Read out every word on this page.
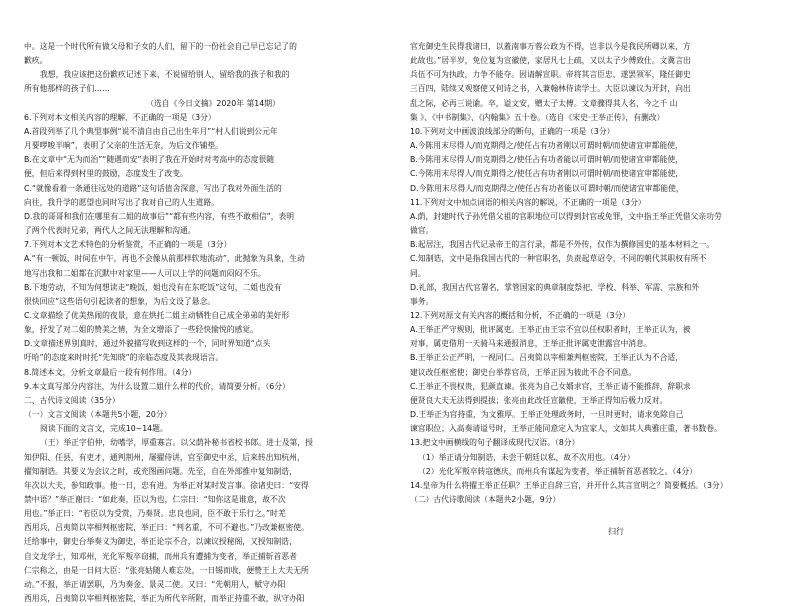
中。这是一个时代所有做父母和子女的人们，留下的一份社会自己早已忘记了的
歉疚。
我想，我应该把这份歉疚记述下来，不说留给别人，留给我的孩子和我的
所有他那样的孩子们……
（选自《今日文摘》2020年 第14期）
6.下列对本文相关内容的理解，不正确的一项是（3分）
A.首段列举了几个典型事例“说不清自由自己出生年月”“村人们说到公元年
月要啰唆半晌”，表明了父亲的生活无奈，为后文作铺垫。
B.在文章中“无为而治”“随遇而安”表明了我在开始时对考高中的态度很随
便，但后来得到村里的鼓励，态度发生了改变。
C.“就像看着一条通往远处的道路”这句话值舍深意，写出了我对外面生活的
向往，我升学的愿望也同时写出了我对自己的人生道路。
D.我的哥哥和我们在哪里有二姐的故事后”“都有些内容，有些不敢相信”，表明
了两个代表时兄弟，两代人之间无法理解和沟通。
7.下列对本文艺术特色的分析鉴赏，不正确的一项是（3分）
A.“有一顿饭，时间在中午，再也不会像从前那样软地流动”，此抛象为具象，生动
地写出我和二姐都在沉默中对家里——人可以上学的问题而闷闷不乐。
B.下地劳动，不知为何想读走“晚饭，姐也没有在东吃饭”这句，二姐也没有
很快回应”这些语句引起读者的想象，为后文设了悬念。
C.文章描绘了优美热闹的夜景，意在烘托二姐主动牺牲自己成全弟弟的美好形
象，抒发了对二姐的赞美之情，为全文增添了一些轻快愉悦的感觉。
D.文章描述界别真时，通过外貌描写收到这样的一个，同时界知道“点头
吁哈”的态度来时时托“先知晓”的亲临态度及其表现语言。
8.简述本文，分析文章最后一段有何作用。（4分）
9.本文真写部分内容注，为什么设置二姐什么样的代价，请简要分析。（6分）
二、古代诗文阅读（35分）
（一）文言文阅读（本题共5小题，20分）
阅读下面的文言文，完成10~14题。
（王）举正字伯仲，幼嗜学，厚重寡言。以父荫补秘书省校书郎。进士及第，授
知伊阳、任县，有吏才，通判荆州，屡擢侍讲，官至御史中丞，后来转出知杭州，
擢知制诰。其要义为会议之时，或充图画问题。先至，自在外部推中复知制诰，
年次以大夫，参知政事。他一日，忠有进。为举正对某时发言事。徐诸史曰：“安得
禁中语？”举正谢曰：“如此奏，臣以为也，仁宗曰：“知你这是谁意，故不次
用也。”举正曰：“若臣以为受赏，乃奏贤。忠良也同，臣不敢于乐行之。”时羌
西用兵，吕夷简以宰相判枢密院，举正曰：“判名重，不可不避也。”乃改兼枢密使。
迁给事中，御史台举奏义为御史，举正论宗不合，以谏议授秘阁，又授知制诰，
自文龙学士，知邓州，光化军叛卒窃捕，而州兵有遭捕为变者，举正捕斩首恶者
仁宗称之，由是一日问大臣：“张亮姑随人难忘处，一日锡而收，便赞王上大夫无所
动。”不报，举正请罢职，乃为奏金、景灵二使。又曰：“先朝用人，赋守办阳
西用兵，吕夷简以宰相判枢密院，举正为所代辛所附，而举正持重不敢，纵守办阳
官充御史生民得我诸曰，以蓋南事万蓉公政为不得，岂非以今是我民所卿以来，方
此故也。”居半岁，免位复为宣徽使，家居凡七上疏，又以太子少傅致仕。文冀言出
兵伍不可为执政，力争不能夺。因请解宣职。帝将其言臣忠，遂罢领军，隆任御史
三百四，陆续又观察使又何诗之书，入兼翰林侍读学士。大臣以谏议为开封，向出
乱之际，必再三说谕。卒，谥文安，赠太子太傅。文章骤得其人名，今之千 山
集 》、《中书制集》、《内翰集》五十卷。（选自《宋史·王举正传》，有删改）
10.下列对文中画波浪线部分的断句，正确的一项是（3分）
A.今陈用末尽得人/而克期得之/使任占有功者刚以可谓时朝/而使诸宜审都能使，
B.今陈用末尽得人/而克期得之/使任占有功者能以可谓时朝/而使诸宜审都能使，
C.今陈用末尽得人/而克期得之/使任占有功者刚以可谓时朝/而使诸宜审都能使，
D.今陈用末尽得人/而克期得之/使任占有功者能以可谓时朝/而使诸宜审都能使，
11.下列对文中加点词语的相关内容的解说，不正确的一项是（3分）
A.荫，封建时代子孙凭借父祖的官职地位可以得到封官或免罪，文中指王举正凭借父亲功劳
做官。
B.起居注，我国古代记录帝王的言行录，都是不外传，仅作为撰修国史的基本材料之一。
C.知制诰，文中是指我国古代的一种官职名，负责起草诏令，不同的朝代其职权有所不
同。
D.礼部，我国古代官署名，掌管国家的典章制度祭祀、学校、科举、军需、宗族和外
事务。
12.下列对原文有关内容的概括和分析，不正确的一项是（3分）
A.王举正严守规则，批评属吏。王举正由王宗不宜以任权职者时，王举正认为，被
对事，属吏借用一天骑马来通报消息，王举正批评属吏泄露宫中消息。
B.王举正公正严明，一视同仁。吕夷简以宰相兼判枢密院，王举正认为不合适，
建议改任枢密使；御史台举荐官员，王举正因为彼此不合不同意。
C.王举正不畏权贵，犯颜直谏。张亮为自己女婿求官，王举正请不能推辞，辞职求
便贤良大夫无法得到提拔；张亮由此改任宣徽使，王举正得知后极力反对。
D.王举正为官持重，为文雅厚。王举正处理政务时，一旦时更时，请求免除自己
谏官职位；入高奏请谥号时，王举正能同意定入为宜家人，文如其人典雅庄重，著书数卷。
13.把文中画横线的句子翻译成现代汉语。（8分）
（1）举正请分知制诰，未尝干朝廷以私，故不次用也。（4分）
（2）光化军叛卒转寇德庆，而州兵有谋起为变者，举正捕斩首恶者较之。（4分）
14.皇帝为什么将擢王举正任职？王举正自辞三官，并开什么其言宣明之？简要概括。（3分）
（二）古代诗歌阅读（本题共2小题，9分）
扫行
